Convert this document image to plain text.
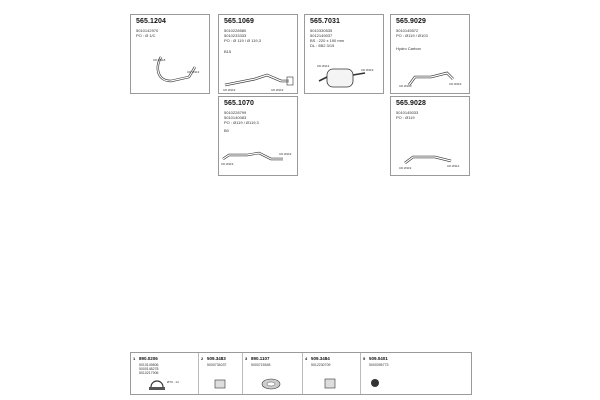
565.1204
5010142970
PO : Ø 1/C
CD Ø118
CD Ø113
565.1069
5010228580
5010233333
PO : Ø 119 / Ø 119,3
B15
CD Ø119	CD Ø119
565.7031
5010330535
5012149037
BS : 220 x 190 mm
DL : 5B2 3/15
CD Ø113
CD Ø119
565.9029
5010145572
PO : Ø119 / Ø103
Hydro Carbon
CD Ø103	CD Ø119
565.1070
5010228799
5010140083
PO : Ø119 / Ø119,3
B0
CD Ø119
CD Ø119
565.9028
5010145033
PO : Ø119
CD Ø119	CD Ø112
1 890.0206
5010149806
5000148278
5010217906
Ø70 - 14
2 509.3483
5000734037
3 890.1107
5000715545
4 509.3484
5012230709
5 509.0401
5000395773
